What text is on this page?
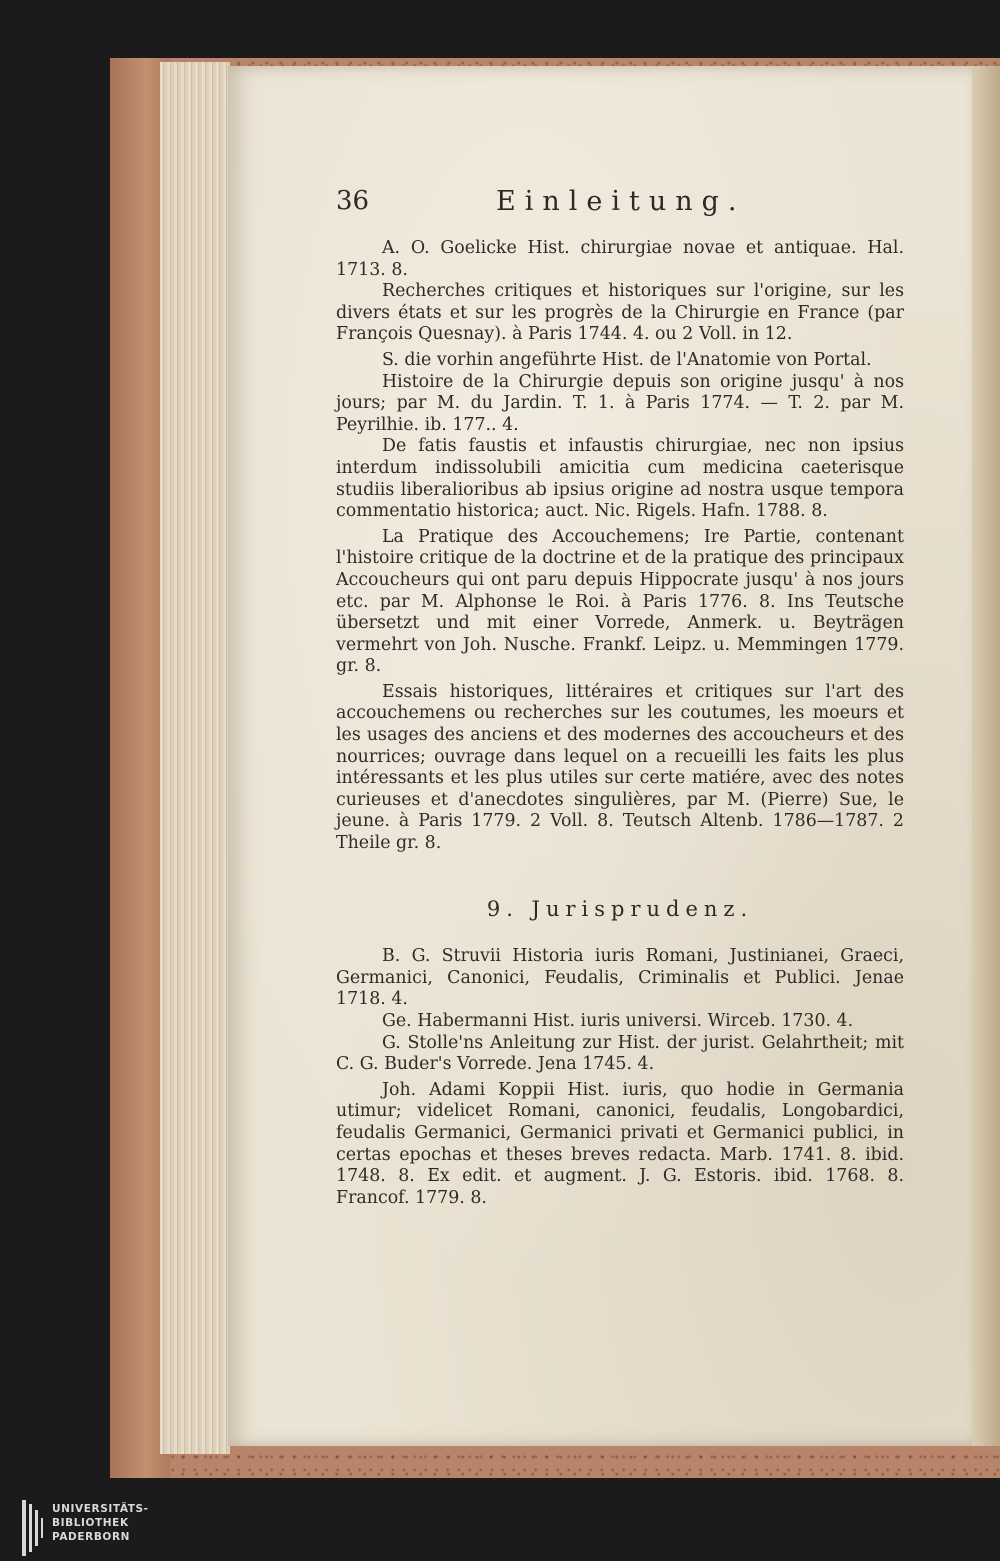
36	Einleitung.

A. O. Goelicke Hist. chirurgiae novae et antiquae. Hal. 1713. 8.

Recherches critiques et historiques sur l'origine, sur les divers états et sur les progrès de la Chirurgie en France (par François Quesnay). à Paris 1744. 4. ou 2 Voll. in 12.

S. die vorhin angeführte Hist. de l'Anatomie von Portal.

Histoire de la Chirurgie depuis son origine jusqu' à nos jours; par M. du Jardin. T. 1. à Paris 1774. — T. 2. par M. Peyrilhie. ib. 177.. 4.

De fatis faustis et infaustis chirurgiae, nec non ipsius interdum indissolubili amicitia cum medicina caeterisque studiis liberalioribus ab ipsius origine ad nostra usque tempora commentatio historica; auct. Nic. Rigels. Hafn. 1788. 8.

La Pratique des Accouchemens; Ire Partie, contenant l'histoire critique de la doctrine et de la pratique des principaux Accoucheurs qui ont paru depuis Hippocrate jusqu' à nos jours etc. par M. Alphonse le Roi. à Paris 1776. 8. Ins Teutsche übersetzt und mit einer Vorrede, Anmerk. u. Beyträgen vermehrt von Joh. Nusche. Frankf. Leipz. u. Memmingen 1779. gr. 8.

Essais historiques, littéraires et critiques sur l'art des accouchemens ou recherches sur les coutumes, les moeurs et les usages des anciens et des modernes des accoucheurs et des nourrices; ouvrage dans lequel on a recueilli les faits les plus intéressants et les plus utiles sur certe matiére, avec des notes curieuses et d'anecdotes singulières, par M. (Pierre) Sue, le jeune. à Paris 1779. 2 Voll. 8. Teutsch Altenb. 1786—1787. 2 Theile gr. 8.

9. Jurisprudenz.

B. G. Struvii Historia iuris Romani, Justinianei, Graeci, Germanici, Canonici, Feudalis, Criminalis et Publici. Jenae 1718. 4.

Ge. Habermanni Hist. iuris universi. Wirceb. 1730. 4.

G. Stolle'ns Anleitung zur Hist. der jurist. Gelahrtheit; mit C. G. Buder's Vorrede. Jena 1745. 4.

Joh. Adami Koppii Hist. iuris, quo hodie in Germania utimur; videlicet Romani, canonici, feudalis, Longobardici, feudalis Germanici, Germanici privati et Germanici publici, in certas epochas et theses breves redacta. Marb. 1741. 8. ibid. 1748. 8. Ex edit. et augment. J. G. Estoris. ibid. 1768. 8. Francof. 1779. 8.

UNIVERSITÄTS-
BIBLIOTHEK
PADERBORN
